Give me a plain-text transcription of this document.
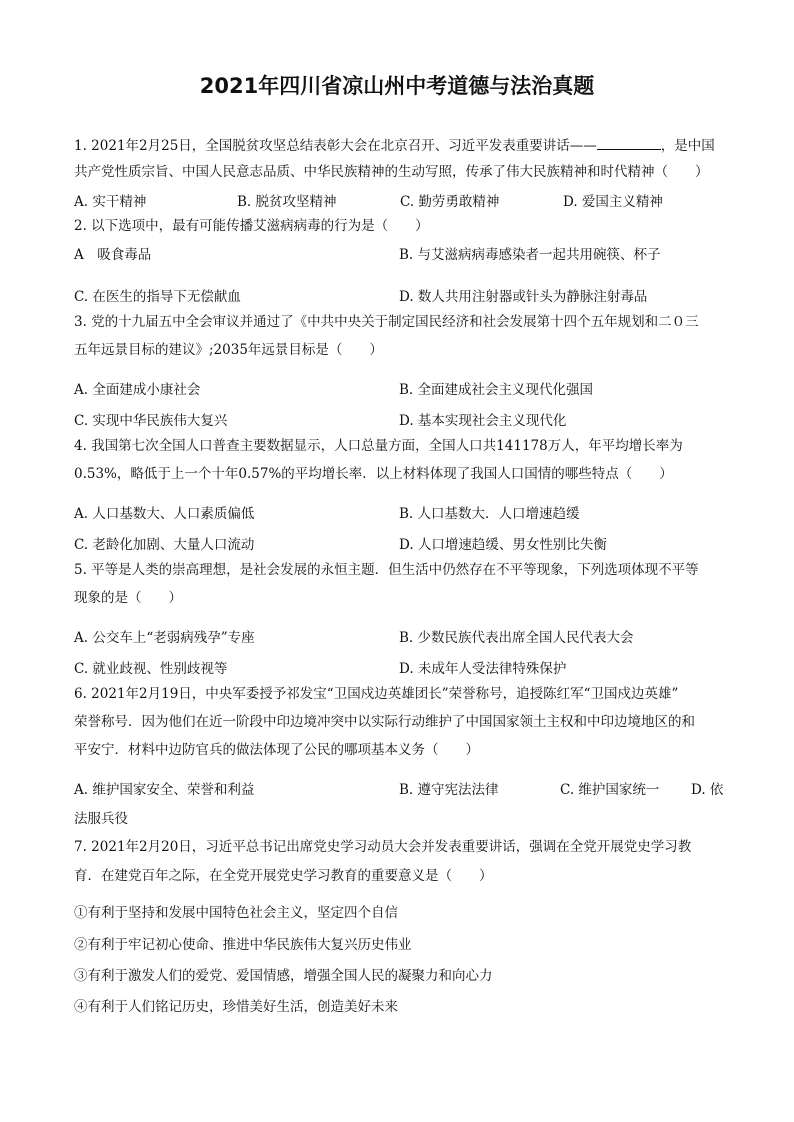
2021年四川省凉山州中考道德与法治真题
1. 2021年2月25日，全国脱贫攻坚总结表彰大会在北京召开、习近平发表重要讲话——	，是中国
共产党性质宗旨、中国人民意志品质、中华民族精神的生动写照，传承了伟大民族精神和时代精神（　　）
A. 实干精神	B. 脱贫攻坚精神	C. 勤劳勇敢精神	D. 爱国主义精神
2. 以下选项中，最有可能传播艾滋病病毒的行为是（　　）
A　吸食毒品	B. 与艾滋病病毒感染者一起共用碗筷、杯子
C. 在医生的指导下无偿献血	D. 数人共用注射器或针头为静脉注射毒品
3. 党的十九届五中全会审议并通过了《中共中央关于制定国民经济和社会发展第十四个五年规划和二０三
五年远景目标的建议》;2035年远景目标是（　　）
A. 全面建成小康社会	B. 全面建成社会主义现代化强国
C. 实现中华民族伟大复兴	D. 基本实现社会主义现代化
4. 我国第七次全国人口普查主要数据显示，人口总量方面，全国人口共141178万人，年平均增长率为
0.53%，略低于上一个十年0.57%的平均增长率．以上材料体现了我国人口国情的哪些特点（　　）
A. 人口基数大、人口素质偏低	B. 人口基数大．人口增速趋缓
C. 老龄化加剧、大量人口流动	D. 人口增速趋缓、男女性别比失衡
5. 平等是人类的崇高理想，是社会发展的永恒主题．但生活中仍然存在不平等现象，下列选项体现不平等
现象的是（　　）
A. 公交车上“老弱病残孕”专座	B. 少数民族代表出席全国人民代表大会
C. 就业歧视、性别歧视等	D. 未成年人受法律特殊保护
6. 2021年2月19日，中央军委授予祁发宝“卫国戍边英雄团长”荣誉称号，追授陈红军“卫国戍边英雄”
荣誉称号．因为他们在近一阶段中印边境冲突中以实际行动维护了中国国家领土主权和中印边境地区的和
平安宁．材料中边防官兵的做法体现了公民的哪项基本义务（　　）
A. 维护国家安全、荣誉和利益	B. 遵守宪法法律	C. 维护国家统一 D. 依
法服兵役
7. 2021年2月20日，习近平总书记出席党史学习动员大会并发表重要讲话，强调在全党开展党史学习教
育．在建党百年之际，在全党开展党史学习教育的重要意义是（　　）
①有利于坚持和发展中国特色社会主义，坚定四个自信
②有利于牢记初心使命、推进中华民族伟大复兴历史伟业
③有利于激发人们的爱党、爱国情感，增强全国人民的凝聚力和向心力
④有利于人们铭记历史，珍惜美好生活，创造美好未来
